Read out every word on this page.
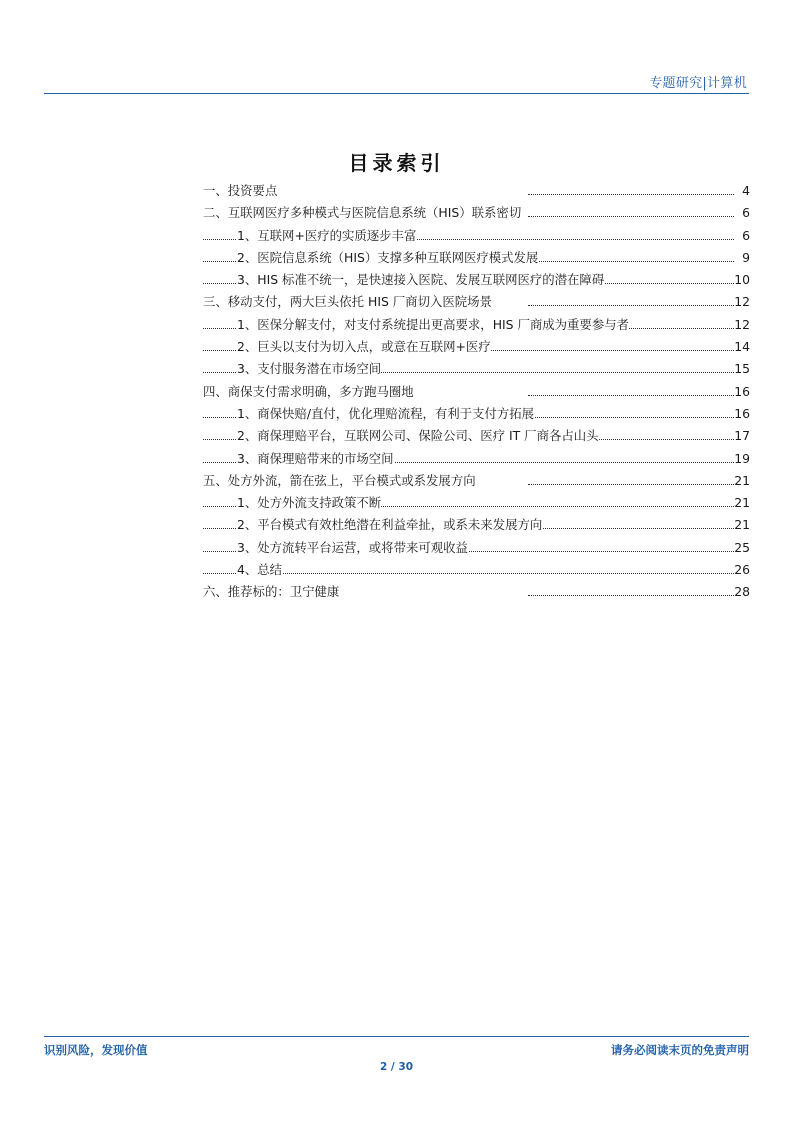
专题研究|计算机
目录索引
一、投资要点	4
二、互联网医疗多种模式与医院信息系统（HIS）联系密切	6
1、互联网+医疗的实质逐步丰富	6
2、医院信息系统（HIS）支撑多种互联网医疗模式发展	9
3、HIS 标准不统一，是快速接入医院、发展互联网医疗的潜在障碍	10
三、移动支付，两大巨头依托 HIS 厂商切入医院场景	12
1、医保分解支付，对支付系统提出更高要求，HIS 厂商成为重要参与者	12
2、巨头以支付为切入点，或意在互联网+医疗	14
3、支付服务潜在市场空间	15
四、商保支付需求明确，多方跑马圈地	16
1、商保快赔/直付，优化理赔流程，有利于支付方拓展	16
2、商保理赔平台，互联网公司、保险公司、医疗 IT 厂商各占山头	17
3、商保理赔带来的市场空间	19
五、处方外流，箭在弦上，平台模式或系发展方向	21
1、处方外流支持政策不断	21
2、平台模式有效杜绝潜在利益牵扯，或系未来发展方向	21
3、处方流转平台运营，或将带来可观收益	25
4、总结	26
六、推荐标的：卫宁健康	28
识别风险，发现价值	请务必阅读末页的免责声明
2 / 30
